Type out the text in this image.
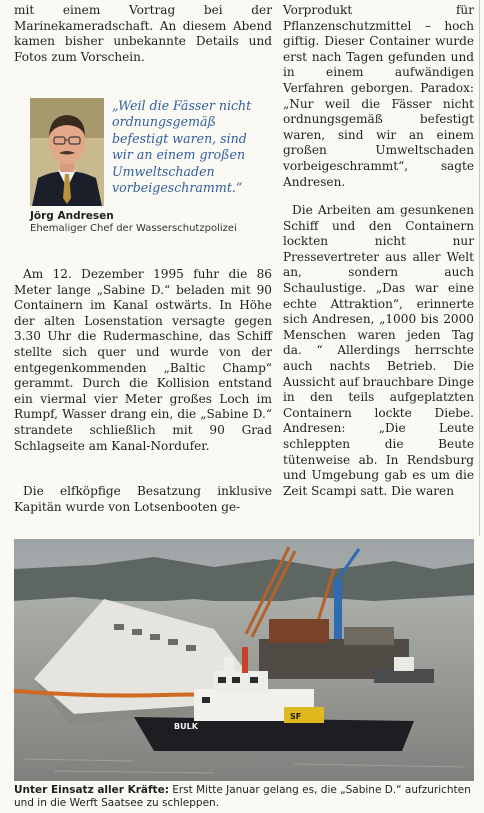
mit einem Vortrag bei der Marinekameradschaft. An diesem Abend kamen bisher unbekannte Details und Fotos zum Vorschein.

Am 12. Dezember 1995 fuhr die 86 Meter lange „Sabine D.“ beladen mit 90 Containern im Kanal ostwärts. In Höhe der alten Losenstation versagte gegen 3.30 Uhr die Rudermaschine, das Schiff stellte sich quer und wurde von der entgegenkommenden „Baltic Champ“ gerammt. Durch die Kollision entstand ein viermal vier Meter großes Loch im Rumpf, Wasser drang ein, die „Sabine D.“ strandete schließlich mit 90 Grad Schlagseite am Kanal-Nordufer.

Die elfköpfige Besatzung inklusive Kapitän wurde von Lotsenbooten ge-

„Weil die Fässer nicht ordnungsgemäß befestigt waren, sind wir an einem großen Umweltschaden vorbeigeschrammt.“
Jörg Andresen
Ehemaliger Chef der Wasserschutzpolizei

Vorprodukt für Pflanzenschutzmittel – hoch giftig. Dieser Container wurde erst nach Tagen gefunden und in einem aufwändigen Verfahren geborgen. Paradox: „Nur weil die Fässer nicht ordnungsgemäß befestigt waren, sind wir an einem großen Umweltschaden vorbeigeschrammt“, sagte Andresen.

Die Arbeiten am gesunkenen Schiff und den Containern lockten nicht nur Pressevertreter aus aller Welt an, sondern auch Schaulustige. „Das war eine echte Attraktion“, erinnerte sich Andresen, „1000 bis 2000 Menschen waren jeden Tag da. “ Allerdings herrschte auch nachts Betrieb. Die Aussicht auf brauchbare Dinge in den teils aufgeplatzten Containern lockte Diebe. Andresen: „Die Leute schleppten die Beute tütenweise ab. In Rendsburg und Umgebung gab es um die Zeit Scampi satt. Die waren

BULK
SF
Unter Einsatz aller Kräfte: Erst Mitte Januar gelang es, die „Sabine D.“ aufzurichten und in die Werft Saatsee zu schleppen.
